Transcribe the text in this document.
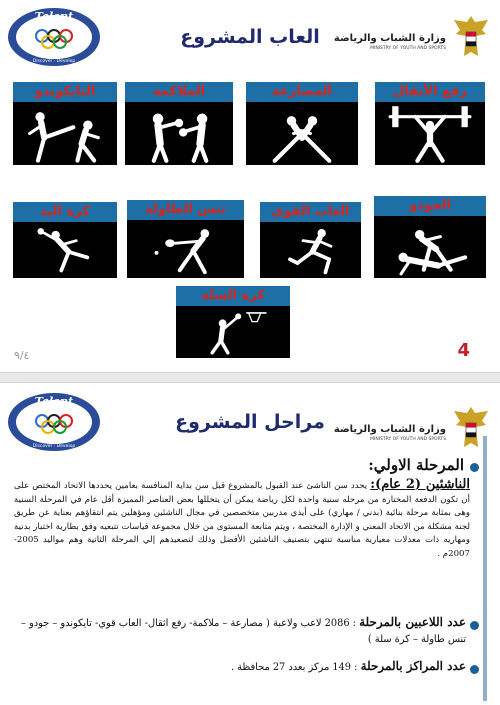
Talent
Discover · Develop
العاب المشروع	وزارة الشباب والرياضة
MINISTRY OF YOUTH AND SPORTS
رفع الأثقال
المصارعة
الملاكمة
التايكوندو
الجودو
العاب القوى
تنس الطاولة
كرة اليد
كرة السلة
4
٩/٤
Talent
Discover · Develop
مراحل المشروع وزارة الشباب والرياضة
MINISTRY OF YOUTH AND SPORTS
المرحلة الاولي:
الناشئين (2 عام): يحدد سن الناشئ عند القبول بالمشروع قبل سن بداية المنافسة بعامين يحددها الاتحاد المختص على أن تكون الدفعة المختارة من مرحله سنية واحدة لكل رياضة يمكن أن يتخللها بعض العناصر المميزة أقل عام في المرحلة السنية وهى بمثابة مرحلة بنائية (بدني / مهاري) على أيدي مدربين متخصصين في مجال الناشئين ومؤهلين يتم انتقاؤهم بعناية عن طريق لجنة مشكلة من الاتحاد المعني و الإدارة المختصة ، ويتم متابعة المستوى من خلال مجموعة قياسات تتبعيه وفق بطارية اختبار بدنية ومهاريه ذات معدلات معيارية مناسبة تنتهي بتصنيف الناشئين الأفضل وذلك لتصعيدهم إلي المرحلة الثانية وهم مواليد 2005-2007م .
عدد اللاعبين بالمرحلة : 2086 لاعب ولاعبة ( مصارعة – ملاكمة- رفع اثقال- العاب قوي- تايكوندو – جودو – تنس طاولة – كرة سلة )
عدد المراكز بالمرحلة : 149 مركز بعدد 27 محافظة .
